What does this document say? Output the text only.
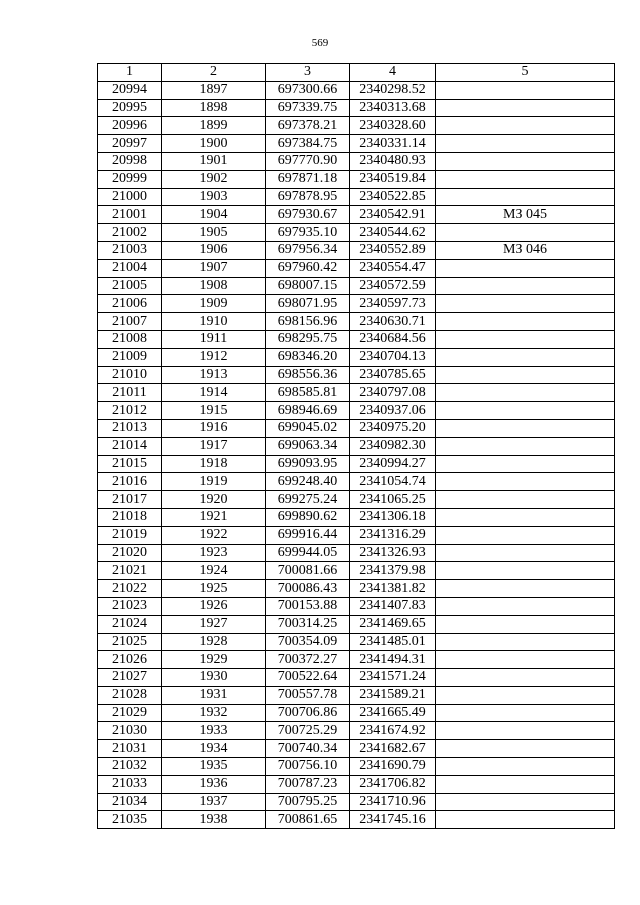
569
1	2	3	4	5
20994	1897	697300.66	2340298.52	
20995	1898	697339.75	2340313.68	
20996	1899	697378.21	2340328.60	
20997	1900	697384.75	2340331.14	
20998	1901	697770.90	2340480.93	
20999	1902	697871.18	2340519.84	
21000	1903	697878.95	2340522.85	
21001	1904	697930.67	2340542.91	МЗ 045
21002	1905	697935.10	2340544.62	
21003	1906	697956.34	2340552.89	МЗ 046
21004	1907	697960.42	2340554.47	
21005	1908	698007.15	2340572.59	
21006	1909	698071.95	2340597.73	
21007	1910	698156.96	2340630.71	
21008	1911	698295.75	2340684.56	
21009	1912	698346.20	2340704.13	
21010	1913	698556.36	2340785.65	
21011	1914	698585.81	2340797.08	
21012	1915	698946.69	2340937.06	
21013	1916	699045.02	2340975.20	
21014	1917	699063.34	2340982.30	
21015	1918	699093.95	2340994.27	
21016	1919	699248.40	2341054.74	
21017	1920	699275.24	2341065.25	
21018	1921	699890.62	2341306.18	
21019	1922	699916.44	2341316.29	
21020	1923	699944.05	2341326.93	
21021	1924	700081.66	2341379.98	
21022	1925	700086.43	2341381.82	
21023	1926	700153.88	2341407.83	
21024	1927	700314.25	2341469.65	
21025	1928	700354.09	2341485.01	
21026	1929	700372.27	2341494.31	
21027	1930	700522.64	2341571.24	
21028	1931	700557.78	2341589.21	
21029	1932	700706.86	2341665.49	
21030	1933	700725.29	2341674.92	
21031	1934	700740.34	2341682.67	
21032	1935	700756.10	2341690.79	
21033	1936	700787.23	2341706.82	
21034	1937	700795.25	2341710.96	
21035	1938	700861.65	2341745.16	
